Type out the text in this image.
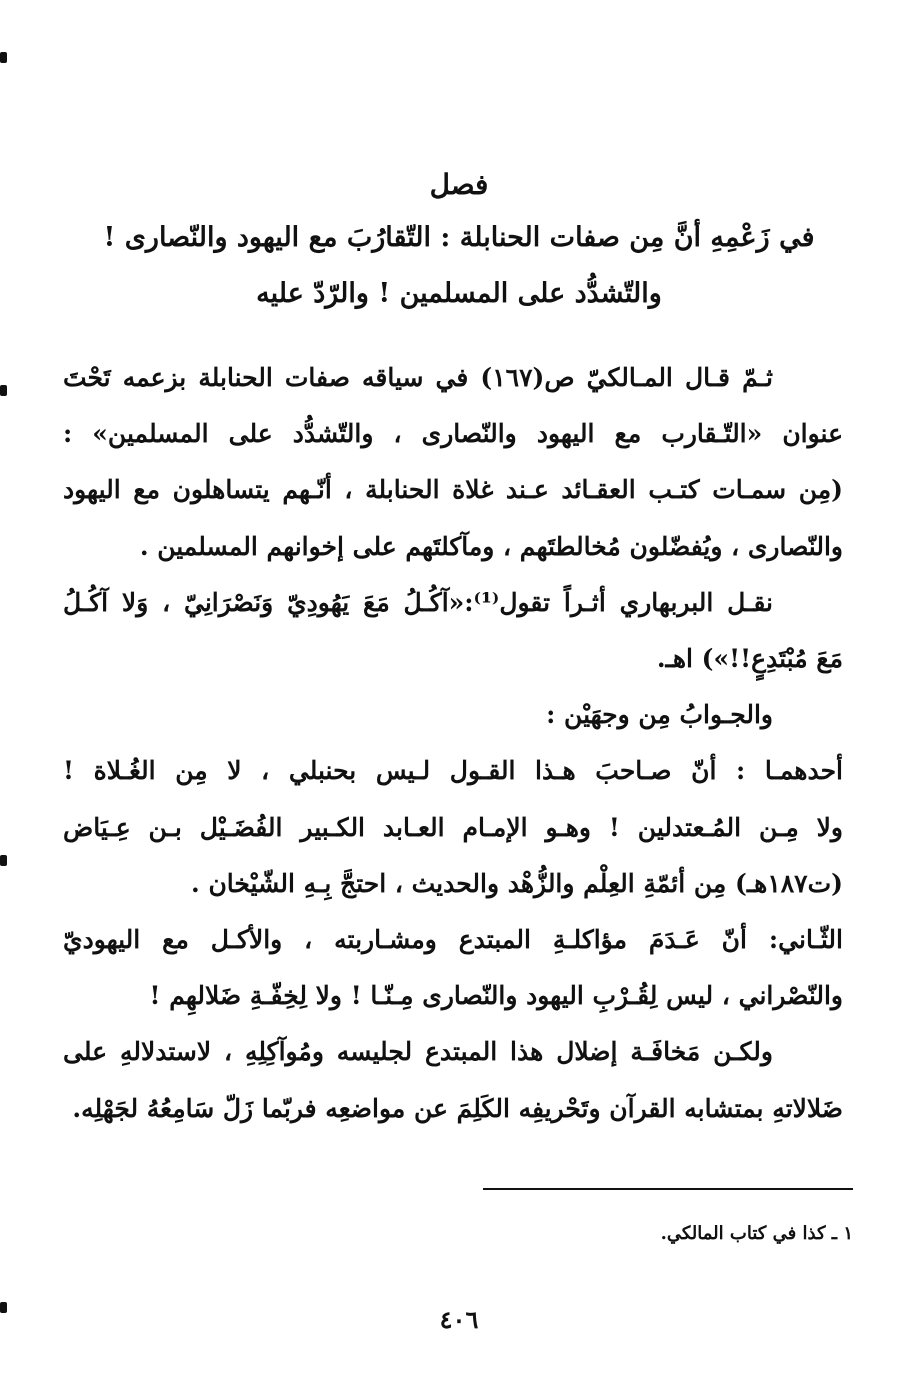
فصل
في زَعْمِهِ أنَّ مِن صفات الحنابلة : التّقارُبَ مع اليهود والنّصارى !
والتّشدُّد على المسلمين ! والرّدّ عليه

ثـمّ قـال المـالكيّ ص(١٦٧) في سياقه صفات الحنابلة بزعمه تَحْتَ
عنوان «التّـقارب مع اليهود والنّصارى ، والتّشدُّد على المسلمين» :

(مِن سمـات كتـب العقـائد عـند غلاة الحنابلة ، أنّـهم يتساهلون مع اليهود
والنّصارى ، ويُفضّلون مُخالطتَهم ، ومآكلتَهم على إخوانهم المسلمين .

نقـل البربهاري أثـراً تقول⁽¹⁾:«آكُـلُ مَعَ يَهُودِيّ وَنَصْرَانِيّ ، وَلا آكُـلُ
مَعَ مُبْتَدِعٍ!!») اهـ.

والجـوابُ مِن وجهَيْن :

أحدهمـا : أنّ صـاحبَ هـذا القـول لـيس بحنبلي ، لا مِن الغُـلاة !
ولا مِـن المُـعتدلين ! وهـو الإمـام العـابد الكـبير الفُضَـيْل بـن عِـيَاض
(ت١٨٧هـ) مِن أئمّةِ العِلْم والزُّهْد والحديث ، احتجَّ بِـهِ الشّيْخان .

الثّـاني: أنّ عَـدَمَ مؤاكلـةِ المبتدع ومشـاربته ، والأكـل مع اليهوديّ
والنّصْراني ، ليس لِقُـرْبِ اليهود والنّصارى مِـنّـا ! ولا لِخِفّـةِ ضَلالهِم !

ولكـن مَخافَـة إضلال هذا المبتدع لجليسه ومُوآكِلِهِ ، لاستدلالهِ على
ضَلالاتهِ بمتشابه القرآن وتَحْريفِه الكَلِمَ عن مواضعِه فربّما زَلّ سَامِعُهُ لجَهْلِه.

١ ـ كذا في كتاب المالكي.
٤٠٦
